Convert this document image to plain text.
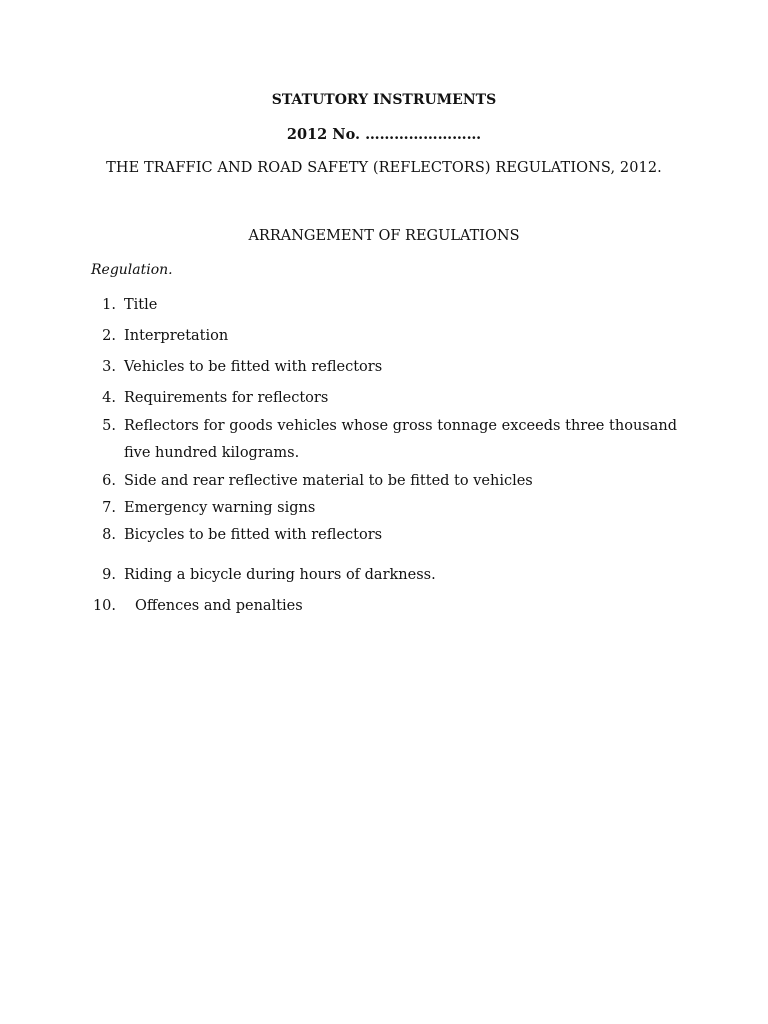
STATUTORY INSTRUMENTS
2012 No. ……………………
THE TRAFFIC AND ROAD SAFETY (REFLECTORS) REGULATIONS, 2012.
ARRANGEMENT OF REGULATIONS
Regulation.
1. Title
2. Interpretation
3. Vehicles to be fitted with reflectors
4. Requirements for reflectors
5. Reflectors for goods vehicles whose gross tonnage exceeds three thousand five hundred kilograms.
6. Side and rear reflective material to be fitted to vehicles
7. Emergency warning signs
8. Bicycles to be fitted with reflectors
9. Riding a bicycle during hours of darkness.
10. Offences and penalties
